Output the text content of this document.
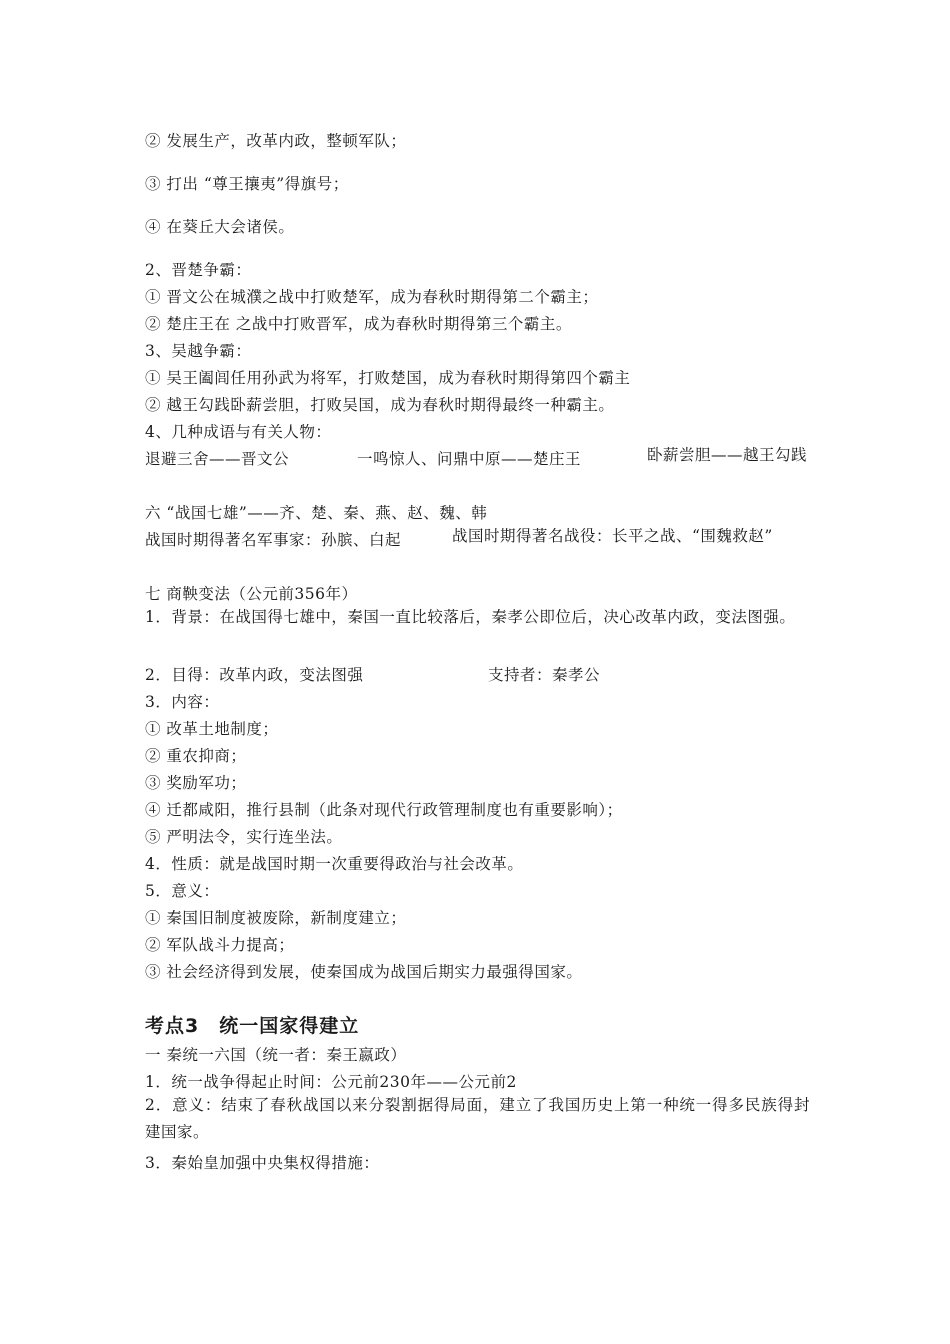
② 发展生产，改革内政，整顿军队；
③ 打出 “尊王攘夷”得旗号；
④ 在葵丘大会诸侯。
2、晋楚争霸：
① 晋文公在城濮之战中打败楚军，成为春秋时期得第二个霸主；
② 楚庄王在 之战中打败晋军，成为春秋时期得第三个霸主。
3、吴越争霸：
① 吴王阖闾任用孙武为将军，打败楚国，成为春秋时期得第四个霸主
② 越王勾践卧薪尝胆，打败吴国，成为春秋时期得最终一种霸主。
4、几种成语与有关人物：
退避三舍——晋文公	一鸣惊人、问鼎中原——楚庄王	卧薪尝胆——越王勾践
六 “战国七雄”——齐、楚、秦、燕、赵、魏、韩
战国时期得著名军事家：孙膑、白起	战国时期得著名战役：长平之战、“围魏救赵”
七 商鞅变法（公元前356年）
1．背景：在战国得七雄中，秦国一直比较落后，秦孝公即位后，决心改革内政，变法图强。
2．目得：改革内政，变法图强	支持者：秦孝公
3．内容：
① 改革土地制度；
② 重农抑商；
③ 奖励军功；
④ 迁都咸阳，推行县制（此条对现代行政管理制度也有重要影响）；
⑤ 严明法令，实行连坐法。
4．性质：就是战国时期一次重要得政治与社会改革。
5．意义：
① 秦国旧制度被废除，新制度建立；
② 军队战斗力提高；
③ 社会经济得到发展，使秦国成为战国后期实力最强得国家。
考点3　统一国家得建立
一 秦统一六国（统一者：秦王嬴政）
1．统一战争得起止时间：公元前230年——公元前2
2．意义：结束了春秋战国以来分裂割据得局面，建立了我国历史上第一种统一得多民族得封建国家。
3．秦始皇加强中央集权得措施：
